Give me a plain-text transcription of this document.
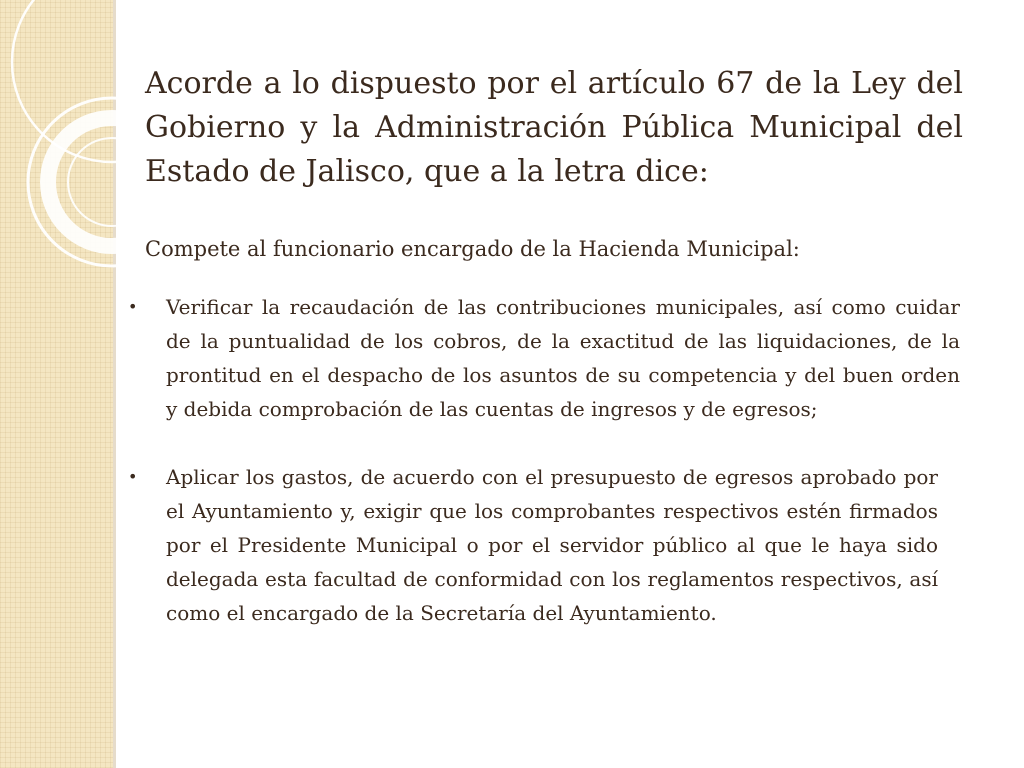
Acorde a lo dispuesto por el artículo 67 de la Ley del Gobierno y la Administración Pública Municipal del Estado de Jalisco, que a la letra dice:

Compete al funcionario encargado de la Hacienda Municipal:

• Verificar la recaudación de las contribuciones municipales, así como cuidar de la puntualidad de los cobros, de la exactitud de las liquidaciones, de la prontitud en el despacho de los asuntos de su competencia y del buen orden y debida comprobación de las cuentas de ingresos y de egresos;
• Aplicar los gastos, de acuerdo con el presupuesto de egresos aprobado por el Ayuntamiento y, exigir que los comprobantes respectivos estén firmados por el Presidente Municipal o por el servidor público al que le haya sido delegada esta facultad de conformidad con los reglamentos respectivos, así como el encargado de la Secretaría del Ayuntamiento.
